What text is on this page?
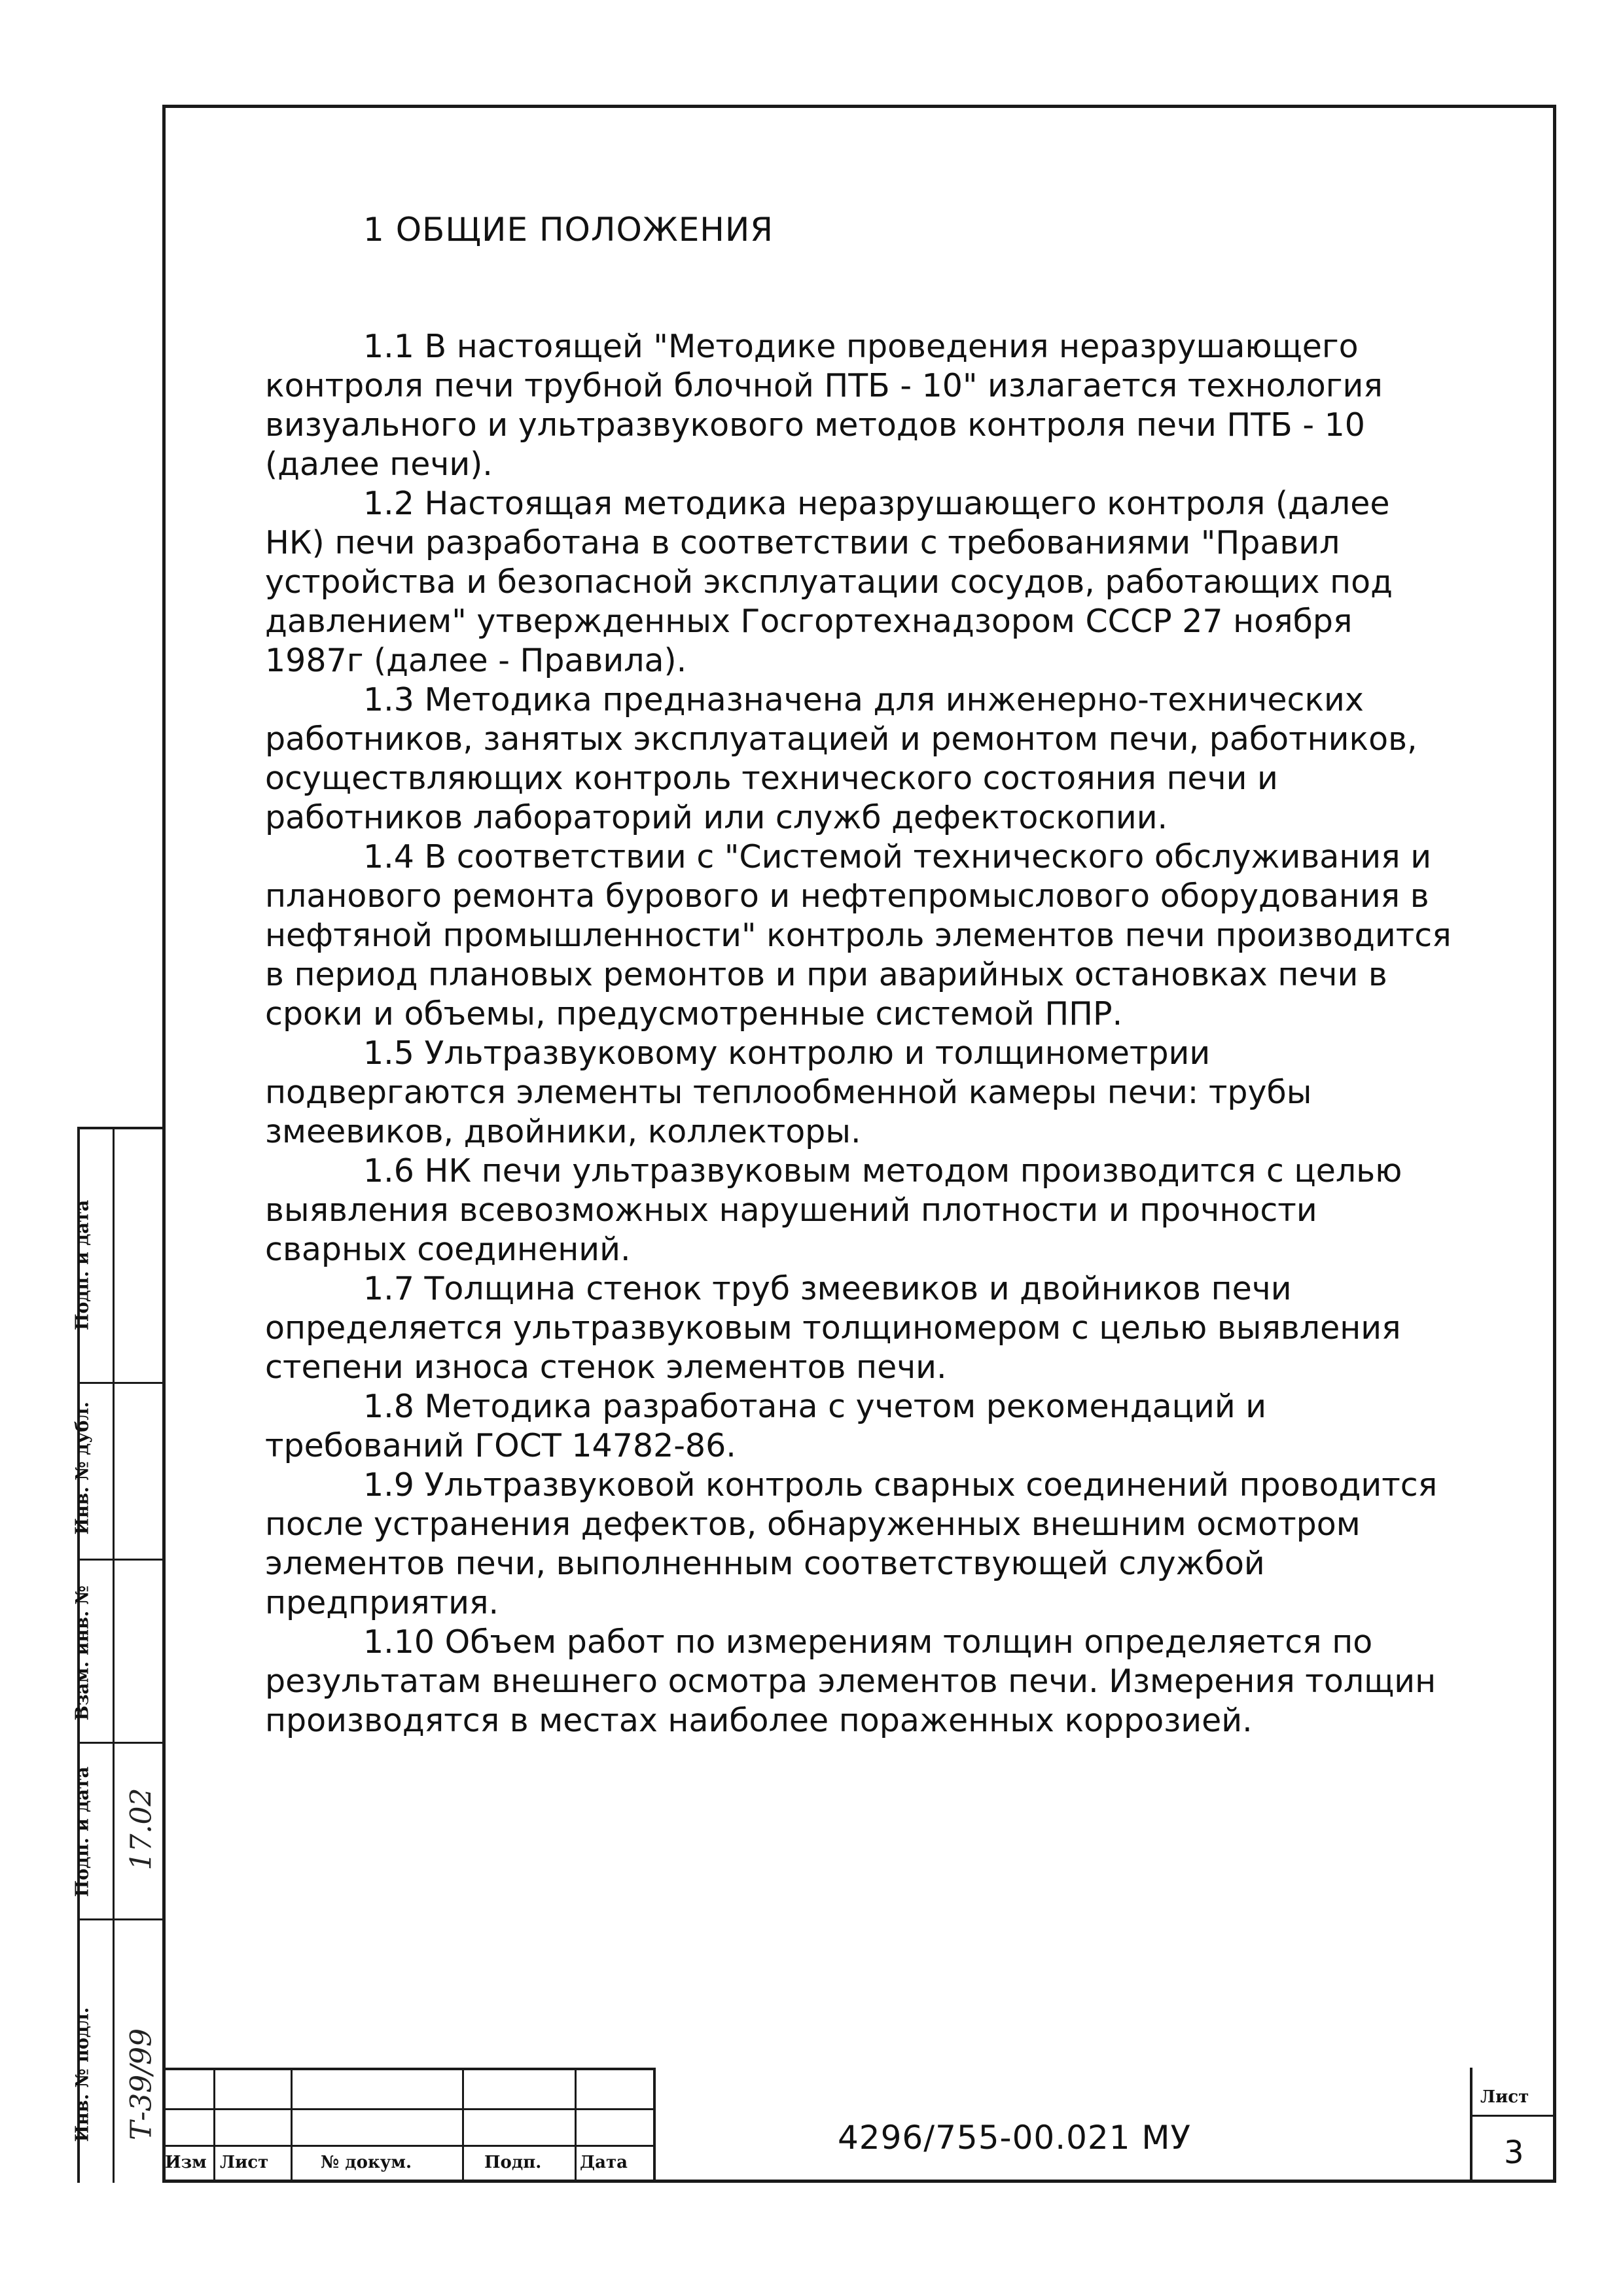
1 ОБЩИЕ ПОЛОЖЕНИЯ

1.1 В настоящей "Методике проведения неразрушающего контроля печи трубной блочной ПТБ - 10" излагается технология визуального и ультразвукового методов контроля печи ПТБ - 10 (далее печи).

1.2 Настоящая методика неразрушающего контроля (далее НК) печи разработана в соответствии с требованиями "Правил устройства и безопасной эксплуатации сосудов, работающих под давлением" утвержденных Госгортехнадзором СССР 27 ноября 1987г (далее - Правила).

1.3 Методика предназначена для инженерно-технических работников, занятых эксплуатацией и ремонтом печи, работников, осуществляющих контроль технического состояния печи и работников лабораторий или служб дефектоскопии.

1.4 В соответствии с "Системой технического обслуживания и планового ремонта бурового и нефтепромыслового оборудования в нефтяной промышленности" контроль элементов печи производится в период плановых ремонтов и при аварийных остановках печи в сроки и объемы, предусмотренные системой ППР.

1.5 Ультразвуковому контролю и толщинометрии подвергаются элементы теплообменной камеры печи: трубы змеевиков, двойники, коллекторы.

1.6 НК печи ультразвуковым методом производится с целью выявления всевозможных нарушений плотности и прочности сварных соединений.

1.7 Толщина стенок труб змеевиков и двойников печи определяется ультразвуковым толщиномером с целью выявления степени износа стенок элементов печи.

1.8 Методика разработана с учетом рекомендаций и требований ГОСТ 14782-86.

1.9 Ультразвуковой контроль сварных соединений проводится после устранения дефектов, обнаруженных внешним осмотром элементов печи, выполненным соответствующей службой предприятия.

1.10 Объем работ по измерениям толщин определяется по результатам внешнего осмотра элементов печи. Измерения толщин производятся в местах наиболее пораженных коррозией.

Подп. и дата
Инв. № дубл.
Взам. инв. №
Подп. и дата
Инв. № подл.
17.02
Т-39/99
Изм Лист	№ докум.	Подп. Дата
4296/755-00.021 МУ
Лист
3
